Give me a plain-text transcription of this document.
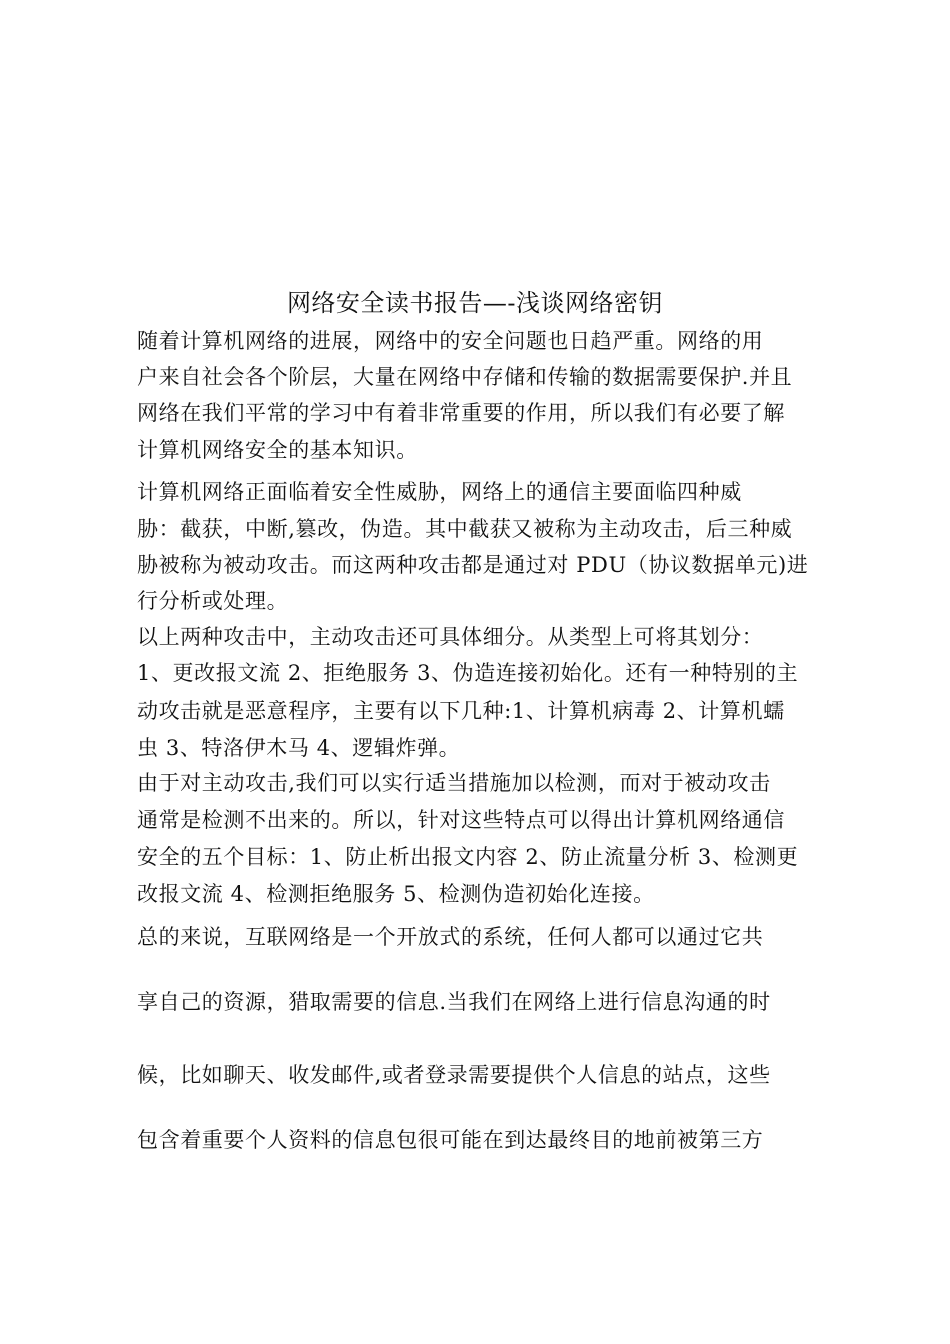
网络安全读书报告—-浅谈网络密钥
随着计算机网络的进展，网络中的安全问题也日趋严重。网络的用
户来自社会各个阶层，大量在网络中存储和传输的数据需要保护.并且
网络在我们平常的学习中有着非常重要的作用，所以我们有必要了解
计算机网络安全的基本知识。
计算机网络正面临着安全性威胁，网络上的通信主要面临四种威
胁：截获，中断,篡改，伪造。其中截获又被称为主动攻击，后三种威
胁被称为被动攻击。而这两种攻击都是通过对 PDU（协议数据单元)进
行分析或处理。
以上两种攻击中，主动攻击还可具体细分。从类型上可将其划分：
1、更改报文流 2、拒绝服务 3、伪造连接初始化。还有一种特别的主
动攻击就是恶意程序，主要有以下几种:1、计算机病毒 2、计算机蠕
虫 3、特洛伊木马 4、逻辑炸弹。
由于对主动攻击,我们可以实行适当措施加以检测，而对于被动攻击
通常是检测不出来的。所以，针对这些特点可以得出计算机网络通信
安全的五个目标：1、防止析出报文内容 2、防止流量分析 3、检测更
改报文流 4、检测拒绝服务 5、检测伪造初始化连接。
总的来说，互联网络是一个开放式的系统，任何人都可以通过它共
享自己的资源，猎取需要的信息.当我们在网络上进行信息沟通的时
候，比如聊天、收发邮件,或者登录需要提供个人信息的站点，这些
包含着重要个人资料的信息包很可能在到达最终目的地前被第三方
